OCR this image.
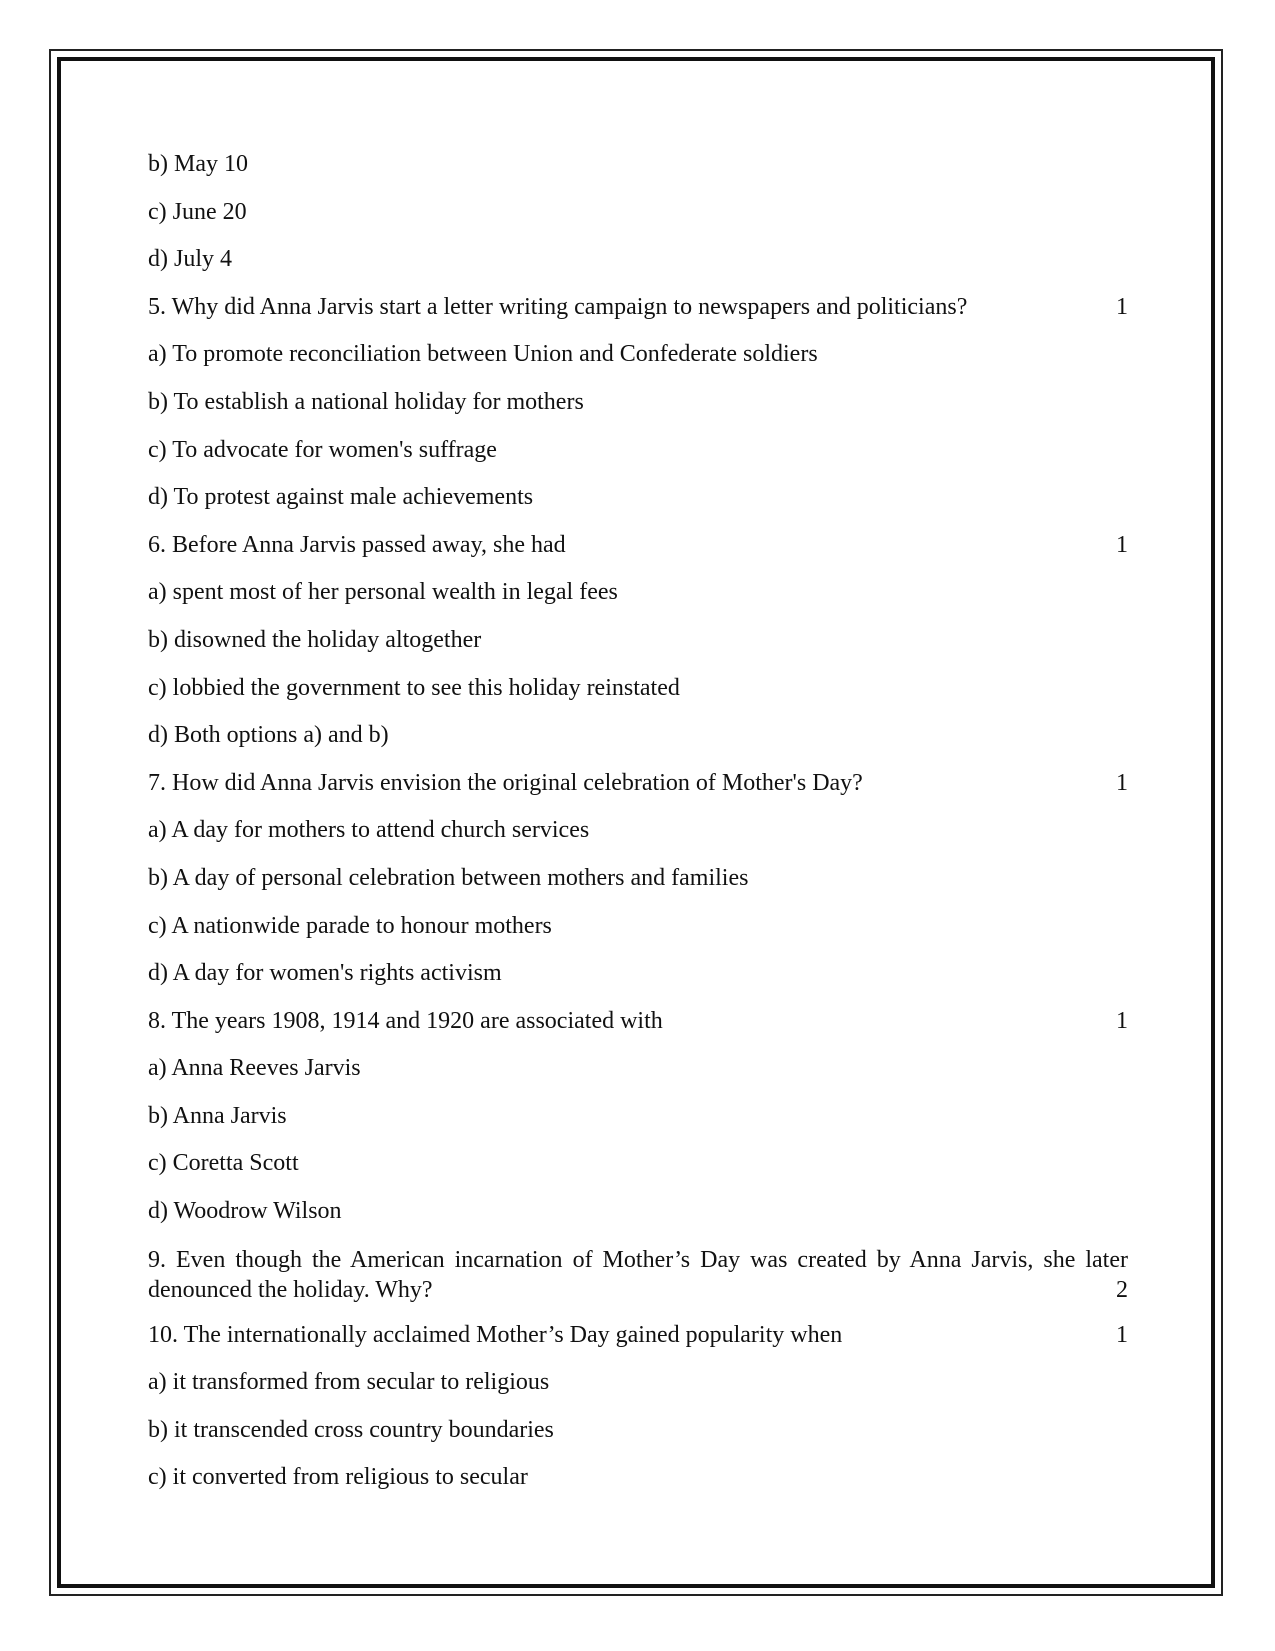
b) May 10
c) June 20
d) July 4
5. Why did Anna Jarvis start a letter writing campaign to newspapers and politicians?	1
a) To promote reconciliation between Union and Confederate soldiers
b) To establish a national holiday for mothers
c) To advocate for women's suffrage
d) To protest against male achievements
6. Before Anna Jarvis passed away, she had	1
a) spent most of her personal wealth in legal fees
b) disowned the holiday altogether
c) lobbied the government to see this holiday reinstated
d) Both options a) and b)
7. How did Anna Jarvis envision the original celebration of Mother's Day?	1
a) A day for mothers to attend church services
b) A day of personal celebration between mothers and families
c) A nationwide parade to honour mothers
d) A day for women's rights activism
8. The years 1908, 1914 and 1920 are associated with	1
a) Anna Reeves Jarvis
b) Anna Jarvis
c) Coretta Scott
d) Woodrow Wilson
9. Even though the American incarnation of Mother’s Day was created by Anna Jarvis, she later denounced the holiday. Why?	2
10. The internationally acclaimed Mother’s Day gained popularity when	1
a) it transformed from secular to religious
b) it transcended cross country boundaries
c) it converted from religious to secular
